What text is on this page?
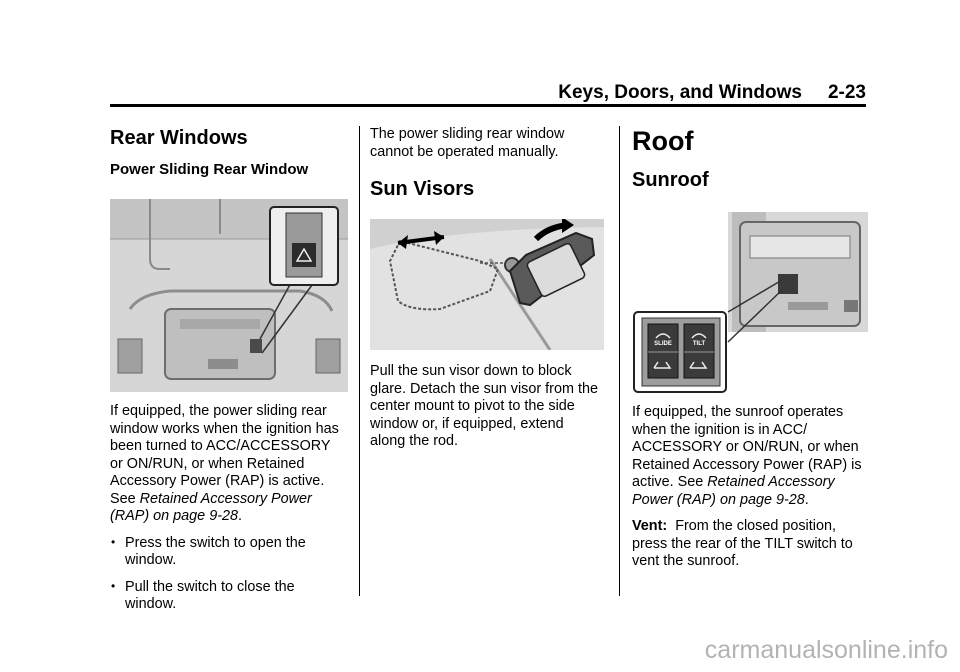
Keys, Doors, and Windows 2-23
Rear Windows
Power Sliding Rear Window

If equipped, the power sliding rear

window works when the ignition has

been turned to ACC/ACCESSORY

or ON/RUN, or when Retained

Accessory Power (RAP) is active.

See Retained Accessory Power

(RAP) on page 9-28.

• Press the switch to open the

window.

• Pull the switch to close the

window.

The power sliding rear window

cannot be operated manually.

Sun Visors

Pull the sun visor down to block

glare. Detach the sun visor from the

center mount to pivot to the side

window or, if equipped, extend

along the rod.

Roof
Sunroof
SLIDE	TILT

If equipped, the sunroof operates

when the ignition is in ACC/

ACCESSORY or ON/RUN, or when

Retained Accessory Power (RAP) is

active. See Retained Accessory

Power (RAP) on page 9-28.

Vent: From the closed position,

press the rear of the TILT switch to

vent the sunroof.

carmanualsonline.info
